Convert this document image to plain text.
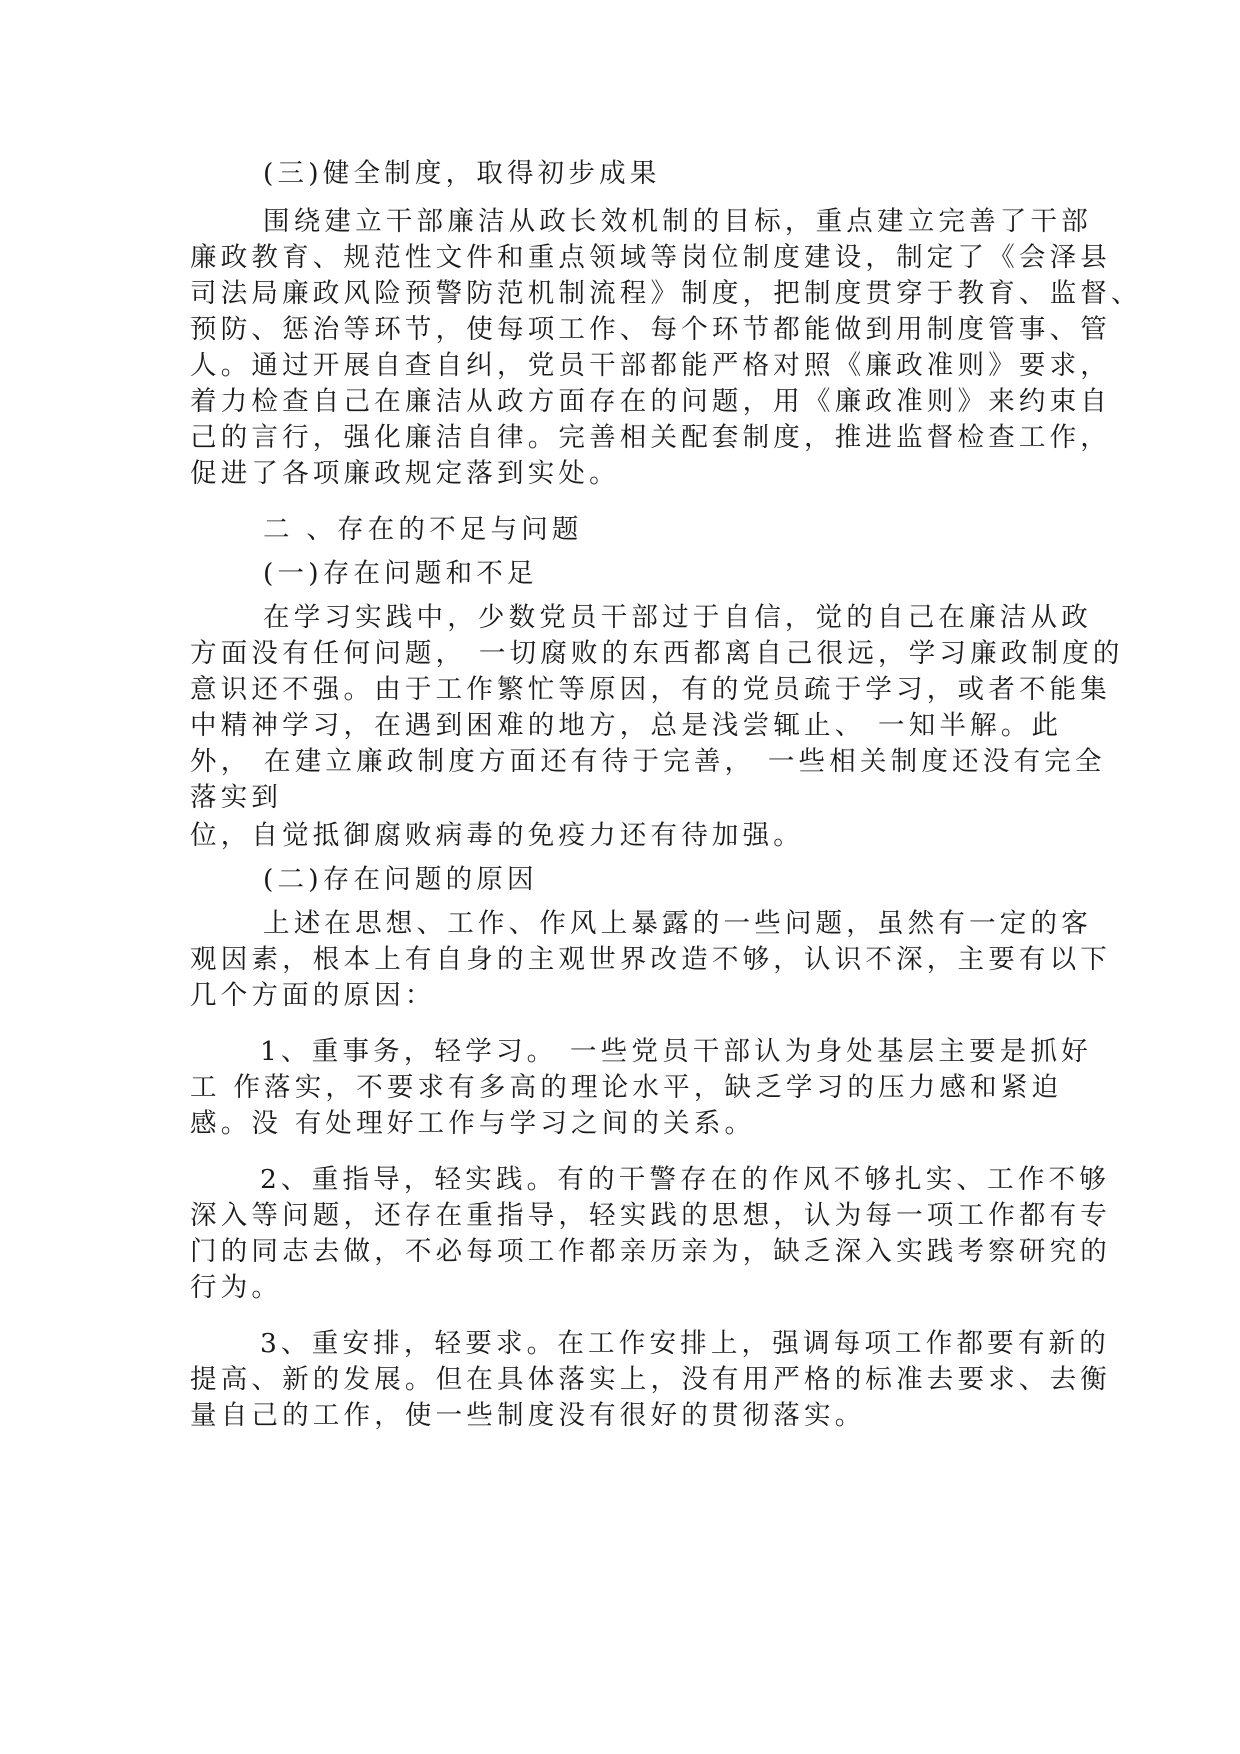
(三)健全制度，取得初步成果
围绕建立干部廉洁从政长效机制的目标，重点建立完善了干部
廉政教育、规范性文件和重点领域等岗位制度建设，制定了《会泽县
司法局廉政风险预警防范机制流程》制度，把制度贯穿于教育、监督、
预防、惩治等环节，使每项工作、每个环节都能做到用制度管事、管
人。通过开展自查自纠，党员干部都能严格对照《廉政准则》要求，
着力检查自己在廉洁从政方面存在的问题，用《廉政准则》来约束自
己的言行，强化廉洁自律。完善相关配套制度，推进监督检查工作，
促进了各项廉政规定落到实处。
二 、存在的不足与问题
(一)存在问题和不足
在学习实践中，少数党员干部过于自信，觉的自己在廉洁从政
方面没有任何问题， 一切腐败的东西都离自己很远，学习廉政制度的
意识还不强。由于工作繁忙等原因，有的党员疏于学习，或者不能集
中精神学习，在遇到困难的地方，总是浅尝辄止、 一知半解。此
外， 在建立廉政制度方面还有待于完善， 一些相关制度还没有完全
落实到
位，自觉抵御腐败病毒的免疫力还有待加强。
(二)存在问题的原因
上述在思想、工作、作风上暴露的一些问题，虽然有一定的客
观因素，根本上有自身的主观世界改造不够，认识不深，主要有以下
几个方面的原因：
1、重事务，轻学习。 一些党员干部认为身处基层主要是抓好
工 作落实，不要求有多高的理论水平，缺乏学习的压力感和紧迫
感。没 有处理好工作与学习之间的关系。
2、重指导，轻实践。有的干警存在的作风不够扎实、工作不够
深入等问题，还存在重指导，轻实践的思想，认为每一项工作都有专
门的同志去做，不必每项工作都亲历亲为，缺乏深入实践考察研究的
行为。
3、重安排，轻要求。在工作安排上，强调每项工作都要有新的
提高、新的发展。但在具体落实上，没有用严格的标准去要求、去衡
量自己的工作，使一些制度没有很好的贯彻落实。
